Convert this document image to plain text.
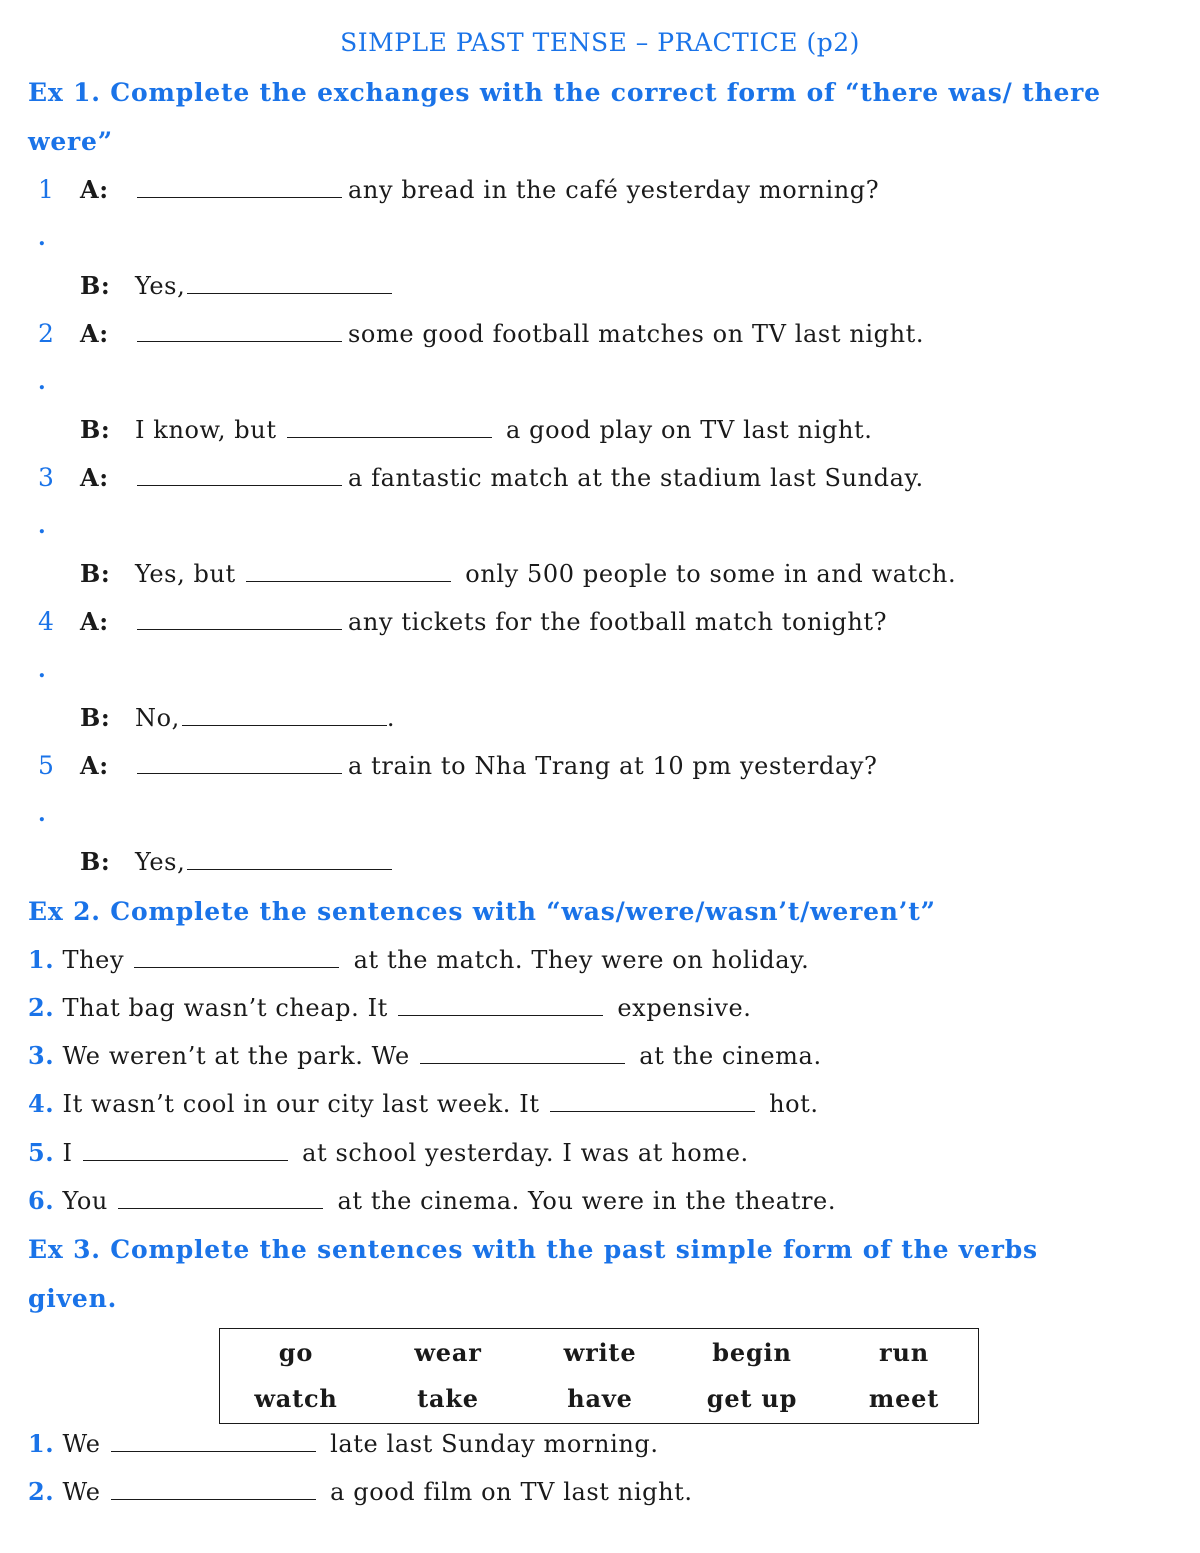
SIMPLE PAST TENSE – PRACTICE (p2)
Ex 1. Complete the exchanges with the correct form of “there was/ there
were”
1 A:	any bread in the café yesterday morning?
.
B: Yes,
2 A:	some good football matches on TV last night.
.
B: I know, but	a good play on TV last night.
3 A:	a fantastic match at the stadium last Sunday.
.
B: Yes, but	only 500 people to some in and watch.
4 A:	any tickets for the football match tonight?
.
B: No,	.
5 A:	a train to Nha Trang at 10 pm yesterday?
.
B: Yes,
Ex 2. Complete the sentences with “was/were/wasn’t/weren’t”
1. They	at the match. They were on holiday.
2. That bag wasn’t cheap. It	expensive.
3. We weren’t at the park. We	at the cinema.
4. It wasn’t cool in our city last week. It	hot.
5. I	at school yesterday. I was at home.
6. You	at the cinema. You were in the theatre.
Ex 3. Complete the sentences with the past simple form of the verbs
given.
go	wear	write	begin	run
watch	take	have	get up	meet
1. We	late last Sunday morning.
2. We	a good film on TV last night.
